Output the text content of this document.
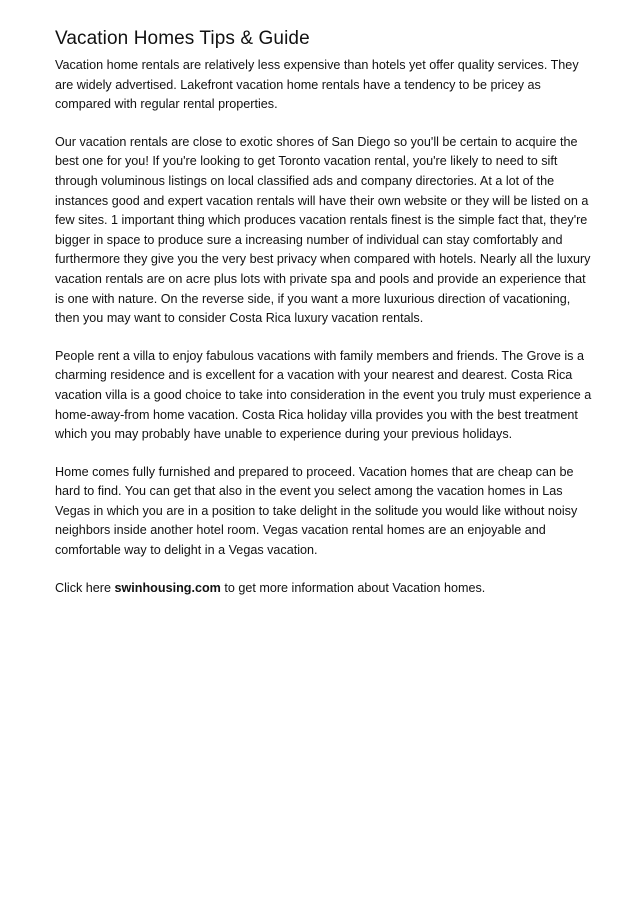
Vacation Homes Tips & Guide

Vacation home rentals are relatively less expensive than hotels yet offer quality services. They are widely advertised. Lakefront vacation home rentals have a tendency to be pricey as compared with regular rental properties.

Our vacation rentals are close to exotic shores of San Diego so you'll be certain to acquire the best one for you! If you're looking to get Toronto vacation rental, you're likely to need to sift through voluminous listings on local classified ads and company directories. At a lot of the instances good and expert vacation rentals will have their own website or they will be listed on a few sites. 1 important thing which produces vacation rentals finest is the simple fact that, they're bigger in space to produce sure a increasing number of individual can stay comfortably and furthermore they give you the very best privacy when compared with hotels. Nearly all the luxury vacation rentals are on acre plus lots with private spa and pools and provide an experience that is one with nature. On the reverse side, if you want a more luxurious direction of vacationing, then you may want to consider Costa Rica luxury vacation rentals.

People rent a villa to enjoy fabulous vacations with family members and friends. The Grove is a charming residence and is excellent for a vacation with your nearest and dearest. Costa Rica vacation villa is a good choice to take into consideration in the event you truly must experience a home-away-from home vacation. Costa Rica holiday villa provides you with the best treatment which you may probably have unable to experience during your previous holidays.

Home comes fully furnished and prepared to proceed. Vacation homes that are cheap can be hard to find. You can get that also in the event you select among the vacation homes in Las Vegas in which you are in a position to take delight in the solitude you would like without noisy neighbors inside another hotel room. Vegas vacation rental homes are an enjoyable and comfortable way to delight in a Vegas vacation.

Click here swinhousing.com to get more information about Vacation homes.
